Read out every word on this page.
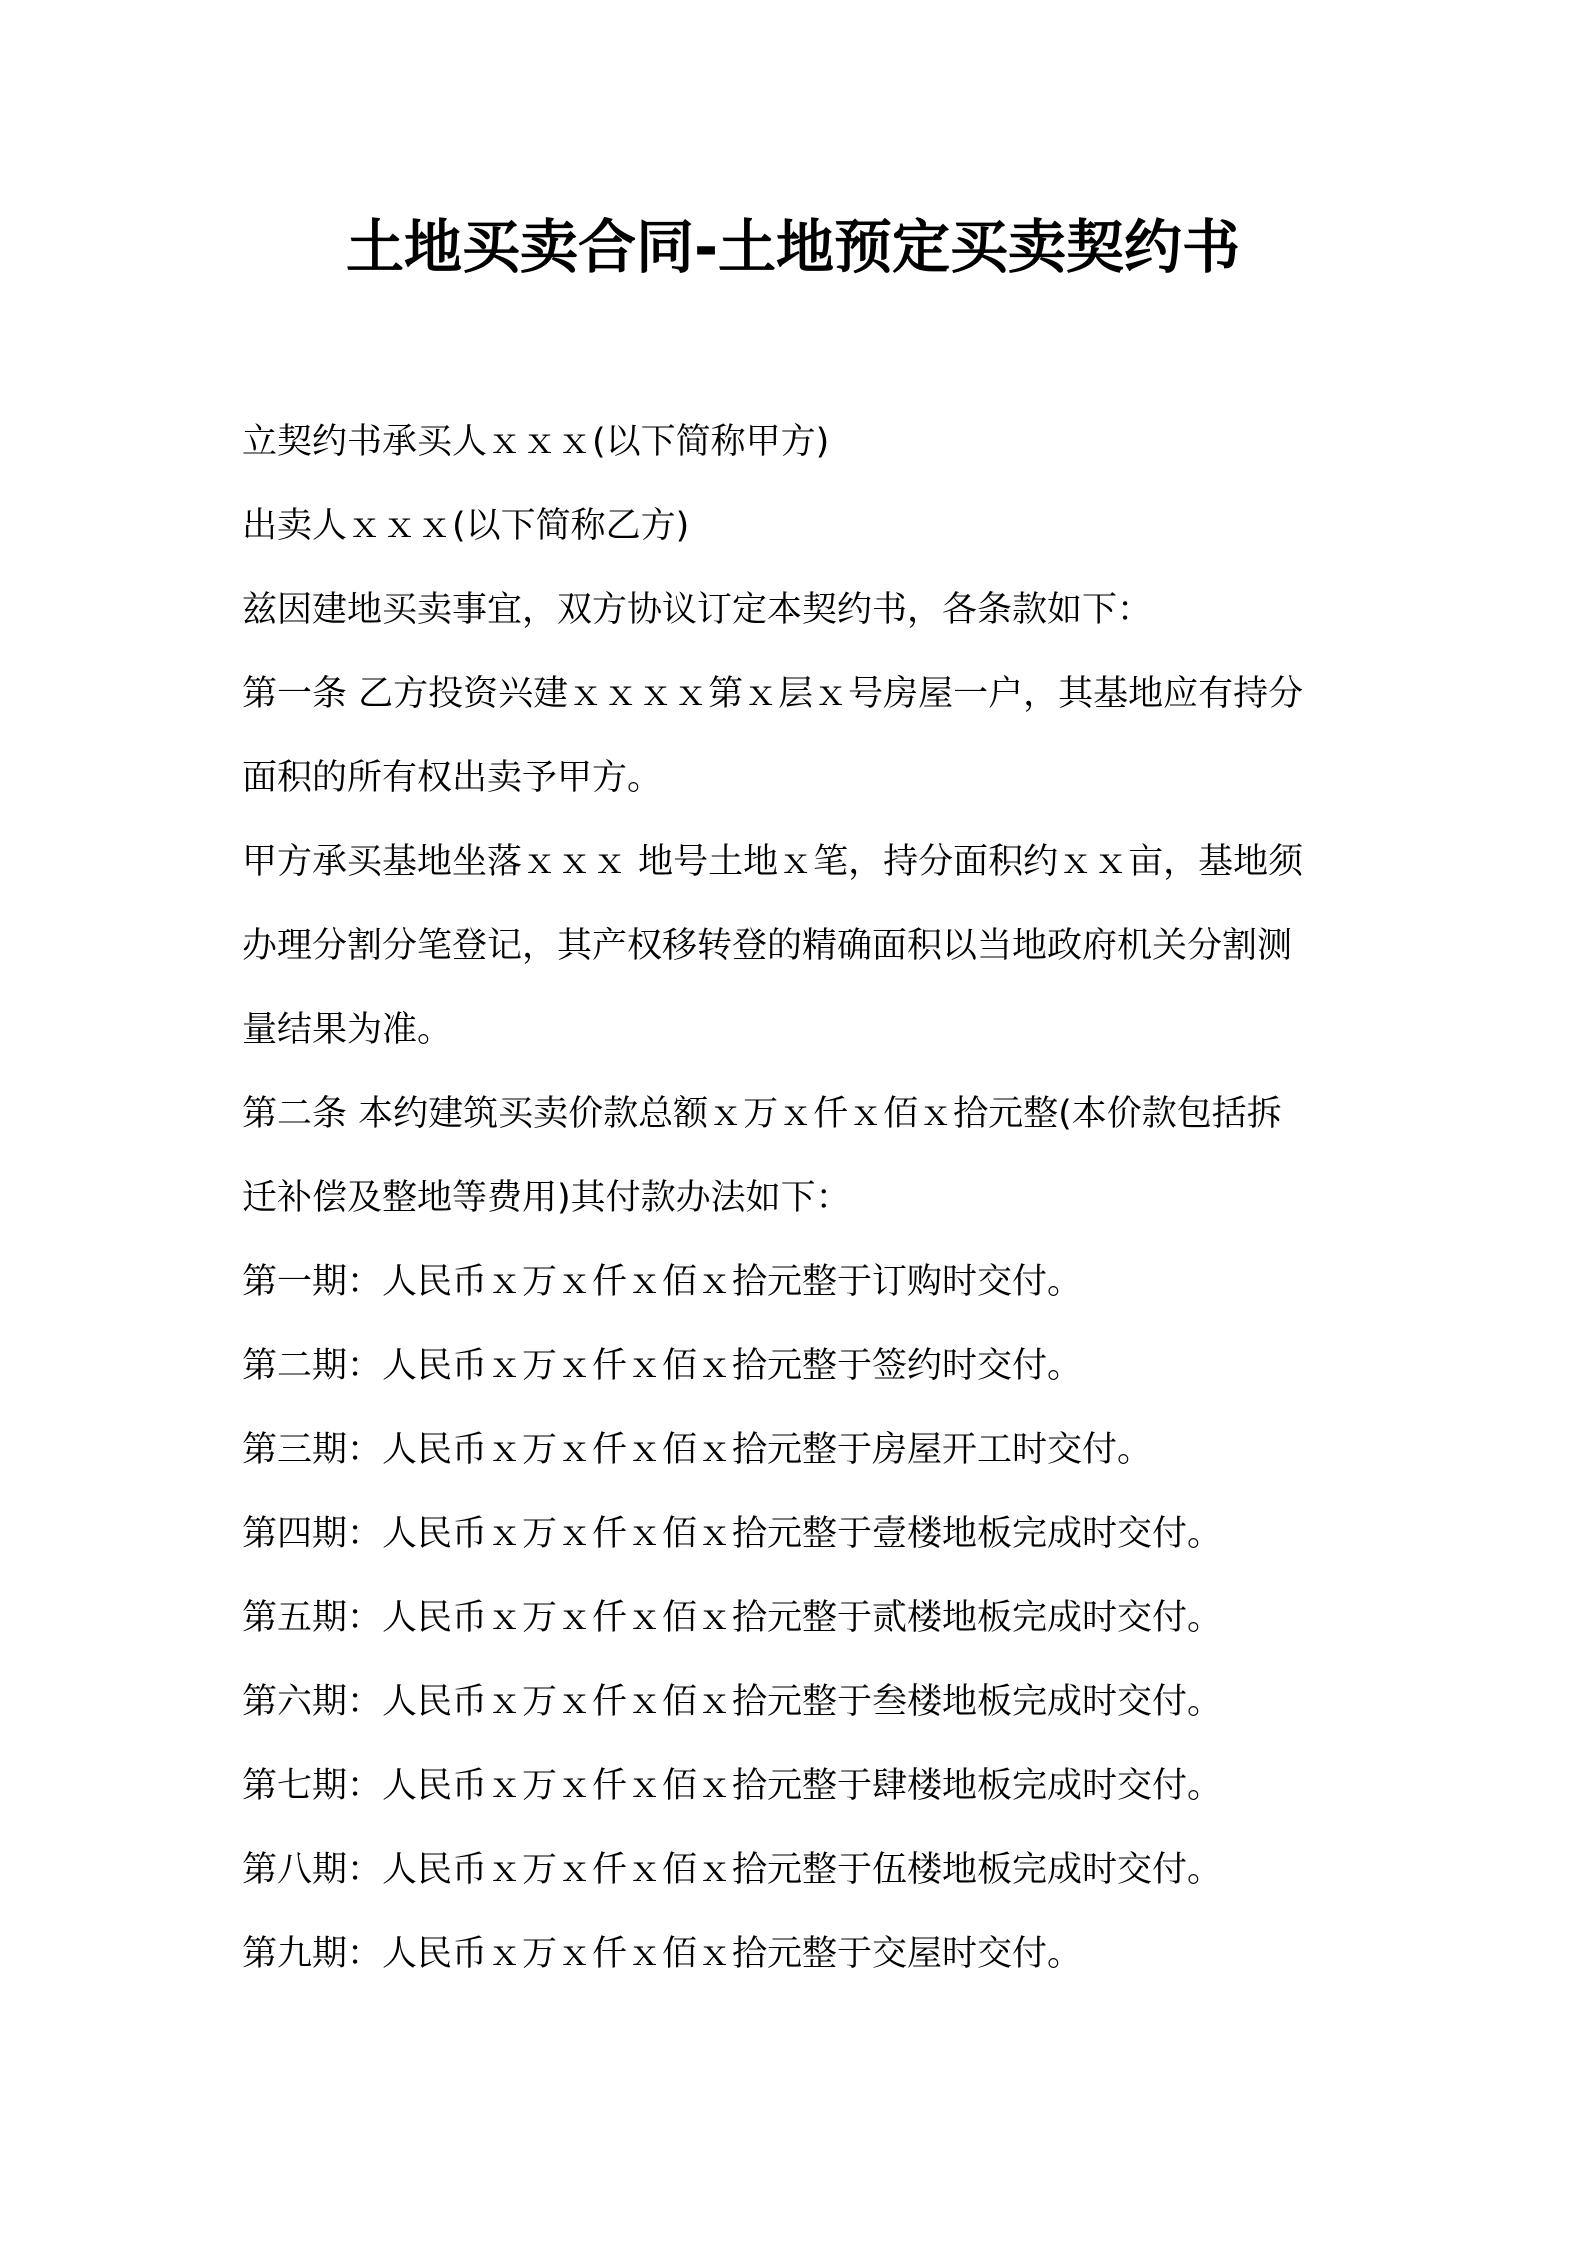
土地买卖合同-土地预定买卖契约书

立契约书承买人ｘｘｘ(以下简称甲方)

出卖人ｘｘｘ(以下简称乙方)

兹因建地买卖事宜，双方协议订定本契约书，各条款如下：

第一条 乙方投资兴建ｘｘｘｘ第ｘ层ｘ号房屋一户，其基地应有持分

面积的所有权出卖予甲方。

甲方承买基地坐落ｘｘｘ 地号土地ｘ笔，持分面积约ｘｘ亩，基地须

办理分割分笔登记，其产权移转登的精确面积以当地政府机关分割测

量结果为准。

第二条 本约建筑买卖价款总额ｘ万ｘ仟ｘ佰ｘ拾元整(本价款包括拆

迁补偿及整地等费用)其付款办法如下：

第一期：人民币ｘ万ｘ仟ｘ佰ｘ拾元整于订购时交付。

第二期：人民币ｘ万ｘ仟ｘ佰ｘ拾元整于签约时交付。

第三期：人民币ｘ万ｘ仟ｘ佰ｘ拾元整于房屋开工时交付。

第四期：人民币ｘ万ｘ仟ｘ佰ｘ拾元整于壹楼地板完成时交付。

第五期：人民币ｘ万ｘ仟ｘ佰ｘ拾元整于贰楼地板完成时交付。

第六期：人民币ｘ万ｘ仟ｘ佰ｘ拾元整于叁楼地板完成时交付。

第七期：人民币ｘ万ｘ仟ｘ佰ｘ拾元整于肆楼地板完成时交付。

第八期：人民币ｘ万ｘ仟ｘ佰ｘ拾元整于伍楼地板完成时交付。

第九期：人民币ｘ万ｘ仟ｘ佰ｘ拾元整于交屋时交付。
